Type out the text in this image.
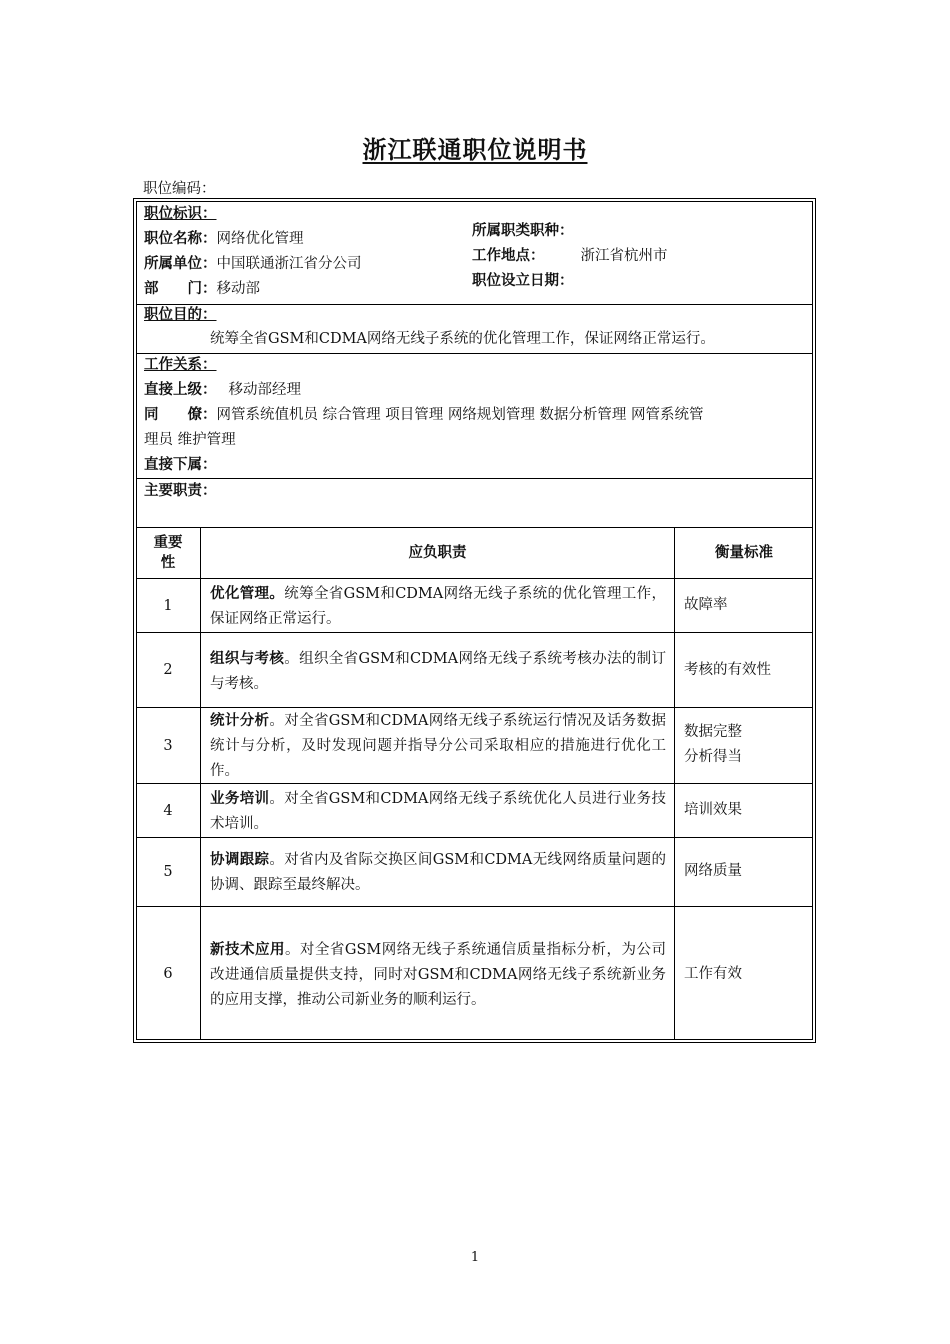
浙江联通职位说明书
职位编码：
职位标识：
职位名称：网络优化管理
所属单位：中国联通浙江省分公司
部　　门：移动部
所属职类职种：
工作地点： 浙江省杭州市
职位设立日期：
职位目的：
统筹全省GSM和CDMA网络无线子系统的优化管理工作，保证网络正常运行。
工作关系：
直接上级： 移动部经理
同　　僚：网管系统值机员 综合管理 项目管理 网络规划管理 数据分析管理 网管系统管
理员 维护管理
直接下属：
主要职责：
重要
性
应负职责	衡量标准
1
优化管理。统筹全省GSM和CDMA网络无线子系统的优化管理工作，保证网络正常运行。
故障率
2
组织与考核。组织全省GSM和CDMA网络无线子系统考核办法的制订与考核。
考核的有效性
3
统计分析。对全省GSM和CDMA网络无线子系统运行情况及话务数据统计与分析，及时发现问题并指导分公司采取相应的措施进行优化工作。
数据完整
分析得当
4
业务培训。对全省GSM和CDMA网络无线子系统优化人员进行业务技术培训。
培训效果
5
协调跟踪。对省内及省际交换区间GSM和CDMA无线网络质量问题的协调、跟踪至最终解决。
网络质量
6
新技术应用。对全省GSM网络无线子系统通信质量指标分析，为公司改进通信质量提供支持，同时对GSM和CDMA网络无线子系统新业务的应用支撑，推动公司新业务的顺利运行。
工作有效
1
